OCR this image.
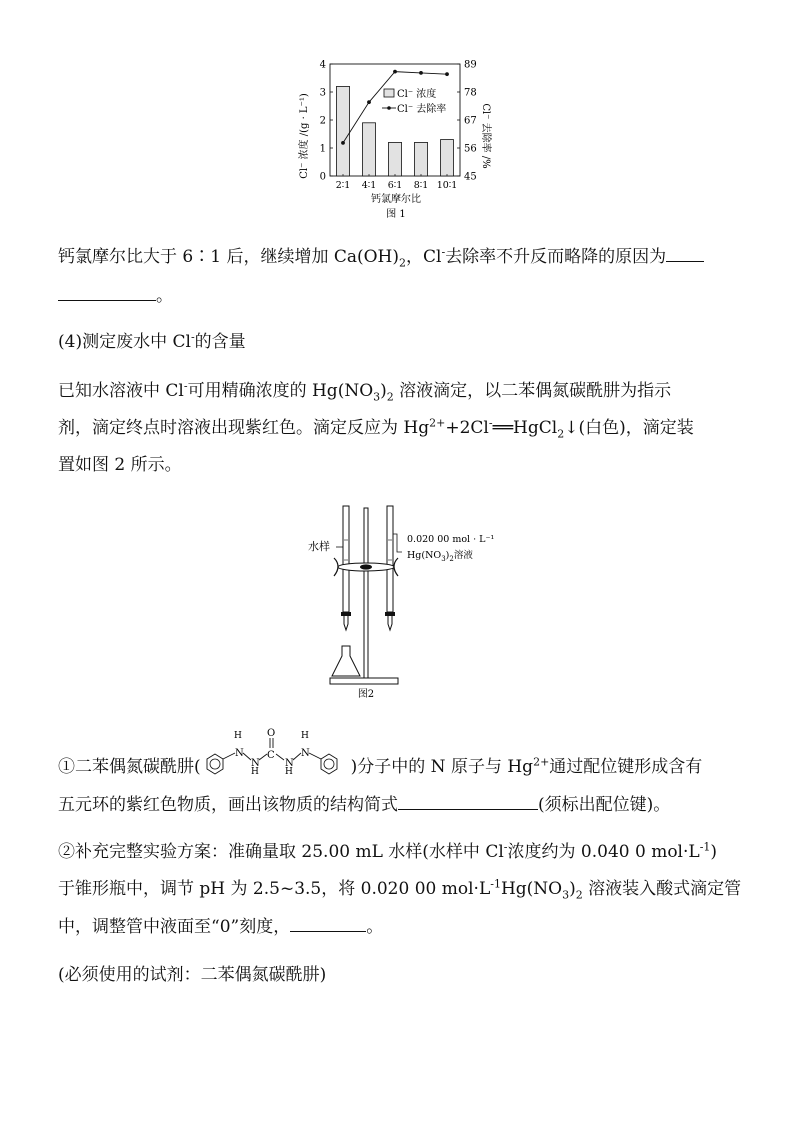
0
1
2
3
4
45
56
67
78
89
2∶1 4∶1 6∶1 8∶1 10∶1
Cl⁻ 浓度 /(g · L⁻¹)	Cl⁻ 去除率 /%
钙氯摩尔比
图 1
Cl⁻ 浓度
Cl⁻ 去除率
钙氯摩尔比大于 6∶1 后，继续增加 $Ca(OH)_2$，Cl-去除率不升反而略降的原因为
。
(4)测定废水中 Cl-的含量
已知水溶液中 Cl-可用精确浓度的 $Hg(NO_3)_2$ 溶液滴定，以二苯偶氮碳酰肼为指示
剂，滴定终点时溶液出现紫红色。滴定反应为 $Hg^{2+}+2Cl^-══HgCl_2↓$(白色)，滴定装
置如图 2 所示。
水样
0.020 00 mol · L⁻¹
$Hg(NO_3)_2$溶液
图2
①二苯偶氮碳酰肼(
H
N
H
N
O
C
H
N
H
N
)分子中的 N 原子与 $Hg^{2+}$通过配位键形成含有
五元环的紫红色物质，画出该物质的结构简式	(须标出配位键)。
②补充完整实验方案：准确量取 25.00 mL 水样(水样中 Cl-浓度约为 0.040 0 $mol\cdot L^{-1}$)
于锥形瓶中，调节 pH 为 2.5~3.5，将 0.020 00 $mol\cdot L^{-1}Hg(NO_3)_2$ 溶液装入酸式滴定管
中，调整管中液面至“0”刻度，	。
(必须使用的试剂：二苯偶氮碳酰肼)
